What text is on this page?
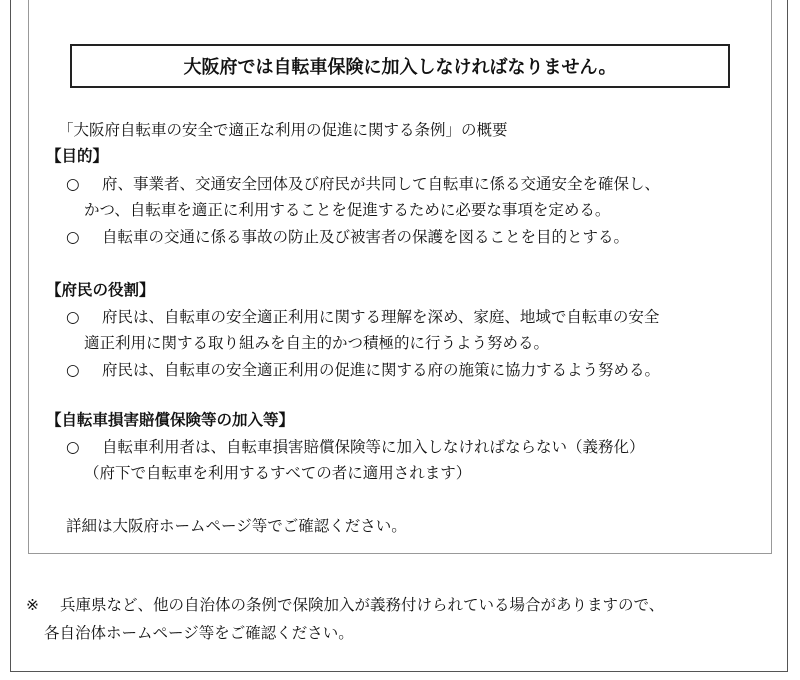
大阪府では自転車保険に加入しなければなりません。
「大阪府自転車の安全で適正な利用の促進に関する条例」の概要
【目的】
○ 府、事業者、交通安全団体及び府民が共同して自転車に係る交通安全を確保し、
かつ、自転車を適正に利用することを促進するために必要な事項を定める。
○ 自転車の交通に係る事故の防止及び被害者の保護を図ることを目的とする。
【府民の役割】
○ 府民は、自転車の安全適正利用に関する理解を深め、家庭、地域で自転車の安全
適正利用に関する取り組みを自主的かつ積極的に行うよう努める。
○ 府民は、自転車の安全適正利用の促進に関する府の施策に協力するよう努める。
【自転車損害賠償保険等の加入等】
○ 自転車利用者は、自転車損害賠償保険等に加入しなければならない（義務化）
（府下で自転車を利用するすべての者に適用されます）
詳細は大阪府ホームページ等でご確認ください。
※ 兵庫県など、他の自治体の条例で保険加入が義務付けられている場合がありますので、
各自治体ホームページ等をご確認ください。
